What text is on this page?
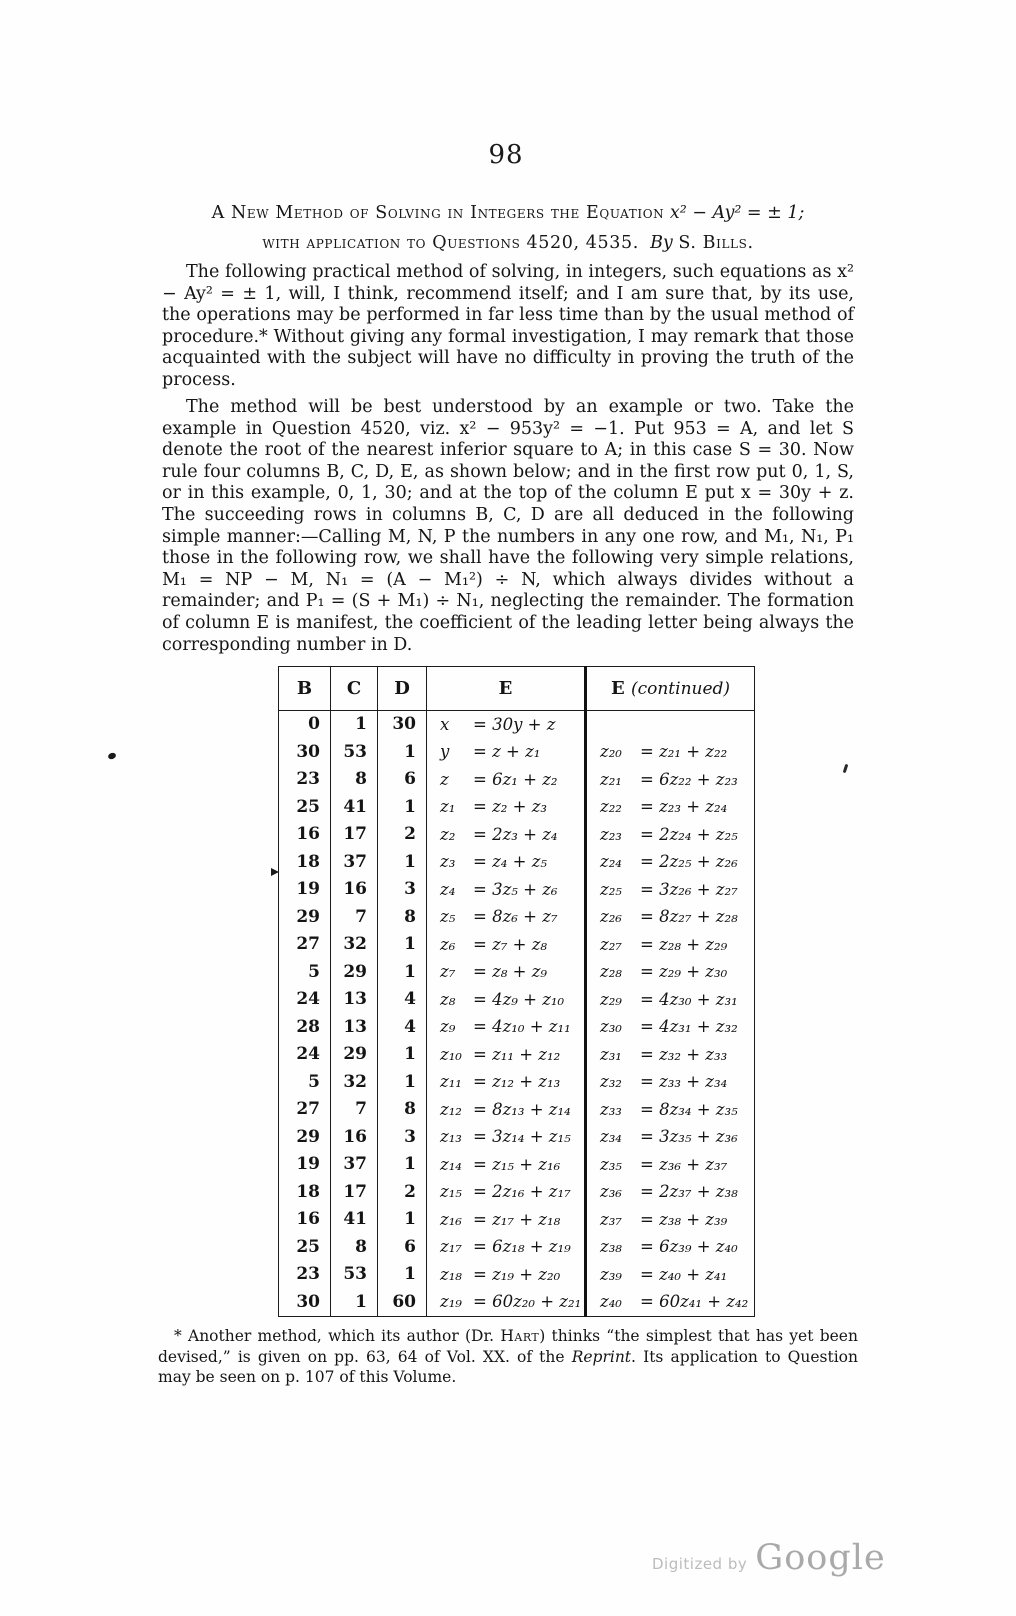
98
A New Method of Solving in Integers the Equation x² − Ay² = ± 1;
with application to Questions 4520, 4535. By S. Bills.

The following practical method of solving, in integers, such equations as x² − Ay² = ± 1, will, I think, recommend itself; and I am sure that, by its use, the operations may be performed in far less time than by the usual method of procedure.* Without giving any formal investigation, I may remark that those acquainted with the subject will have no difficulty in proving the truth of the process.

The method will be best understood by an example or two. Take the example in Question 4520, viz. x² − 953y² = −1. Put 953 = A, and let S denote the root of the nearest inferior square to A; in this case S = 30. Now rule four columns B, C, D, E, as shown below; and in the first row put 0, 1, S, or in this example, 0, 1, 30; and at the top of the column E put x = 30y + z. The succeeding rows in columns B, C, D are all deduced in the following simple manner:—Calling M, N, P the numbers in any one row, and M₁, N₁, P₁ those in the following row, we shall have the following very simple relations, M₁ = NP − M, N₁ = (A − M₁²) ÷ N, which always divides without a remainder; and P₁ = (S + M₁) ÷ N₁, neglecting the remainder. The formation of column E is manifest, the coefficient of the leading letter being always the corresponding number in D.

B	C	D	E	E (continued)
0	1	30	x = 30y + z	
30	53	1	y = z + z₁	z₂₀ = z₂₁ + z₂₂
23	8	6	z = 6z₁ + z₂	z₂₁ = 6z₂₂ + z₂₃
25	41	1	z₁ = z₂ + z₃	z₂₂ = z₂₃ + z₂₄
16	17	2	z₂ = 2z₃ + z₄	z₂₃ = 2z₂₄ + z₂₅
18	37	1	z₃ = z₄ + z₅	z₂₄ = 2z₂₅ + z₂₆
19	16	3	z₄ = 3z₅ + z₆	z₂₅ = 3z₂₆ + z₂₇
29	7	8	z₅ = 8z₆ + z₇	z₂₆ = 8z₂₇ + z₂₈
27	32	1	z₆ = z₇ + z₈	z₂₇ = z₂₈ + z₂₉
5	29	1	z₇ = z₈ + z₉	z₂₈ = z₂₉ + z₃₀
24	13	4	z₈ = 4z₉ + z₁₀	z₂₉ = 4z₃₀ + z₃₁
28	13	4	z₉ = 4z₁₀ + z₁₁	z₃₀ = 4z₃₁ + z₃₂
24	29	1	z₁₀ = z₁₁ + z₁₂	z₃₁ = z₃₂ + z₃₃
5	32	1	z₁₁ = z₁₂ + z₁₃	z₃₂ = z₃₃ + z₃₄
27	7	8	z₁₂ = 8z₁₃ + z₁₄	z₃₃ = 8z₃₄ + z₃₅
29	16	3	z₁₃ = 3z₁₄ + z₁₅	z₃₄ = 3z₃₅ + z₃₆
19	37	1	z₁₄ = z₁₅ + z₁₆	z₃₅ = z₃₆ + z₃₇
18	17	2	z₁₅ = 2z₁₆ + z₁₇	z₃₆ = 2z₃₇ + z₃₈
16	41	1	z₁₆ = z₁₇ + z₁₈	z₃₇ = z₃₈ + z₃₉
25	8	6	z₁₇ = 6z₁₈ + z₁₉	z₃₈ = 6z₃₉ + z₄₀
23	53	1	z₁₈ = z₁₉ + z₂₀	z₃₉ = z₄₀ + z₄₁
30	1	60	z₁₉ = 60z₂₀ + z₂₁	z₄₀ = 60z₄₁ + z₄₂

* Another method, which its author (Dr. Hart) thinks “the simplest that has yet been devised,” is given on pp. 63, 64 of Vol. XX. of the Reprint. Its application to Question may be seen on p. 107 of this Volume.

Digitized by Google
